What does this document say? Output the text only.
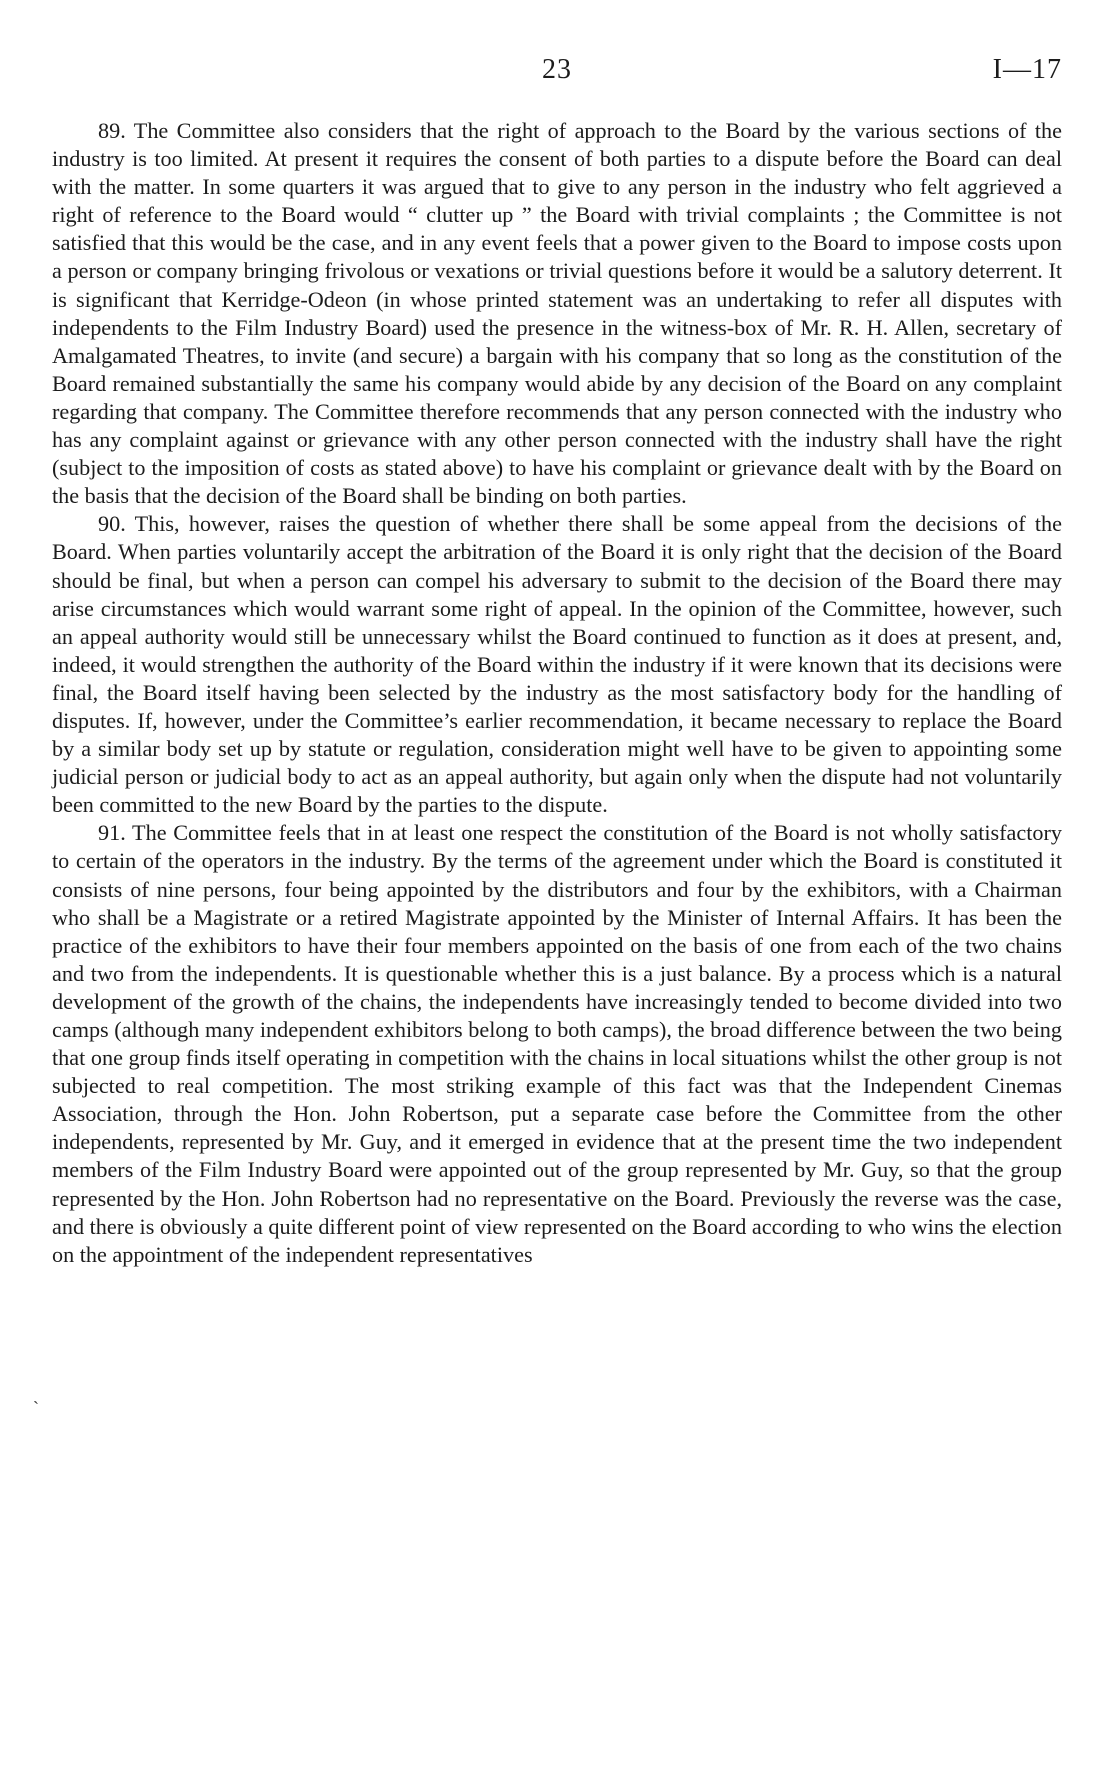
23	I—17

89. The Committee also considers that the right of approach to the Board by the various sections of the industry is too limited. At present it requires the consent of both parties to a dispute before the Board can deal with the matter. In some quarters it was argued that to give to any person in the industry who felt aggrieved a right of reference to the Board would “ clutter up ” the Board with trivial complaints ; the Committee is not satisfied that this would be the case, and in any event feels that a power given to the Board to impose costs upon a person or company bringing frivolous or vexations or trivial questions before it would be a salutory deterrent. It is significant that Kerridge-Odeon (in whose printed statement was an undertaking to refer all disputes with independents to the Film Industry Board) used the presence in the witness-box of Mr. R. H. Allen, secretary of Amalgamated Theatres, to invite (and secure) a bargain with his company that so long as the constitution of the Board remained substantially the same his company would abide by any decision of the Board on any complaint regarding that company. The Committee therefore recommends that any person connected with the industry who has any complaint against or grievance with any other person connected with the industry shall have the right (subject to the imposition of costs as stated above) to have his complaint or grievance dealt with by the Board on the basis that the decision of the Board shall be binding on both parties.

90. This, however, raises the question of whether there shall be some appeal from the decisions of the Board. When parties voluntarily accept the arbitration of the Board it is only right that the decision of the Board should be final, but when a person can compel his adversary to submit to the decision of the Board there may arise circumstances which would warrant some right of appeal. In the opinion of the Committee, however, such an appeal authority would still be unnecessary whilst the Board continued to function as it does at present, and, indeed, it would strengthen the authority of the Board within the industry if it were known that its decisions were final, the Board itself having been selected by the industry as the most satisfactory body for the handling of disputes. If, however, under the Committee’s earlier recommendation, it became necessary to replace the Board by a similar body set up by statute or regulation, consideration might well have to be given to appointing some judicial person or judicial body to act as an appeal authority, but again only when the dispute had not voluntarily been committed to the new Board by the parties to the dispute.

91. The Committee feels that in at least one respect the constitution of the Board is not wholly satisfactory to certain of the operators in the industry. By the terms of the agreement under which the Board is constituted it consists of nine persons, four being appointed by the distributors and four by the exhibitors, with a Chairman who shall be a Magistrate or a retired Magistrate appointed by the Minister of Internal Affairs. It has been the practice of the exhibitors to have their four members appointed on the basis of one from each of the two chains and two from the independents. It is questionable whether this is a just balance. By a process which is a natural development of the growth of the chains, the independents have increasingly tended to become divided into two camps (although many independent exhibitors belong to both camps), the broad difference between the two being that one group finds itself operating in competition with the chains in local situations whilst the other group is not subjected to real competition. The most striking example of this fact was that the Independent Cinemas Association, through the Hon. John Robertson, put a separate case before the Committee from the other independents, represented by Mr. Guy, and it emerged in evidence that at the present time the two independent members of the Film Industry Board were appointed out of the group represented by Mr. Guy, so that the group represented by the Hon. John Robertson had no representative on the Board. Previously the reverse was the case, and there is obviously a quite different point of view represented on the Board according to who wins the election on the appointment of the independent representatives

`
